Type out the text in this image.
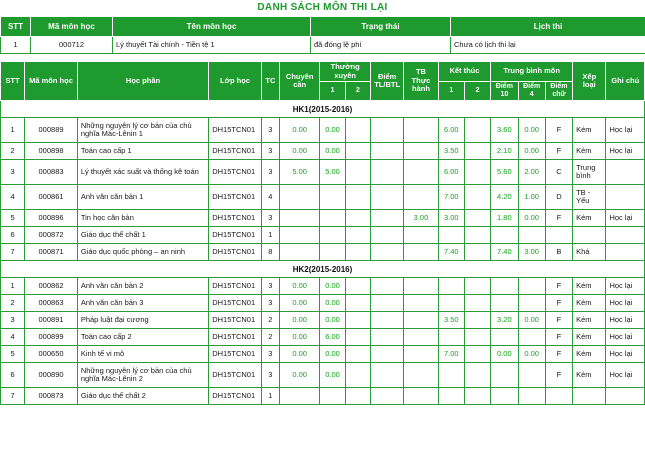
DANH SÁCH MÔN THI LẠI
STT	Mã môn học	Tên môn học	Trạng thái	Lịch thi
1	000712	Lý thuyết Tài chính - Tiền tệ 1	đã đóng lệ phí	Chưa có lịch thi lại
STT	Mã môn học	Học phần	Lớp học	TC	Chuyên cần	Thường xuyên		Điểm TL/BTL	TB Thực hành	Kết thúc		Trung bình môn			Xếp loại	Ghi chú
						1	2			1	2	Điểm 10	Điểm 4	Điểm chữ		
HK1(2015-2016)																
1	000889	Những nguyên lý cơ bản của chủ nghĩa Mác-Lênin 1	DH15TCN01	3	0.00	0.00				6.00		3.60	0.00	F	Kém	Học lại
2	000898	Toán cao cấp 1	DH15TCN01	3	0.00	0.00				3.50		2.10	0.00	F	Kém	Học lại
3	000883	Lý thuyết xác suất và thống kê toán	DH15TCN01	3	5.00	5.00				6.00		5.60	2.00	C	Trung bình	
4	000861	Anh văn căn bản 1	DH15TCN01	4						7.00		4.20	1.00	D	TB - Yếu	
5	000896	Tin học căn bản	DH15TCN01	3					3.00	3.00		1.80	0.00	F	Kém	Học lại
6	000872	Giáo dục thể chất 1	DH15TCN01	1												
7	000871	Giáo dục quốc phòng – an ninh	DH15TCN01	8						7.40		7.40	3.00	B	Khá	
HK2(2015-2016)																
1	000862	Anh văn căn bản 2	DH15TCN01	3	0.00	0.00								F	Kém	Học lại
2	000863	Anh văn căn bản 3	DH15TCN01	3	0.00	0.00								F	Kém	Học lại
3	000891	Pháp luật đại cương	DH15TCN01	2	0.00	0.00				3.50		3.20	0.00	F	Kém	Học lại
4	000899	Toán cao cấp 2	DH15TCN01	2	0.00	6.00								F	Kém	Học lại
5	000650	Kinh tế vi mô	DH15TCN01	3	0.00	0.00				7.00		0.00	0.00	F	Kém	Học lại
6	000890	Những nguyên lý cơ bản của chủ nghĩa Mác-Lênin 2	DH15TCN01	3	0.00	0.00								F	Kém	Học lại
7	000873	Giáo dục thể chất 2	DH15TCN01	1												
